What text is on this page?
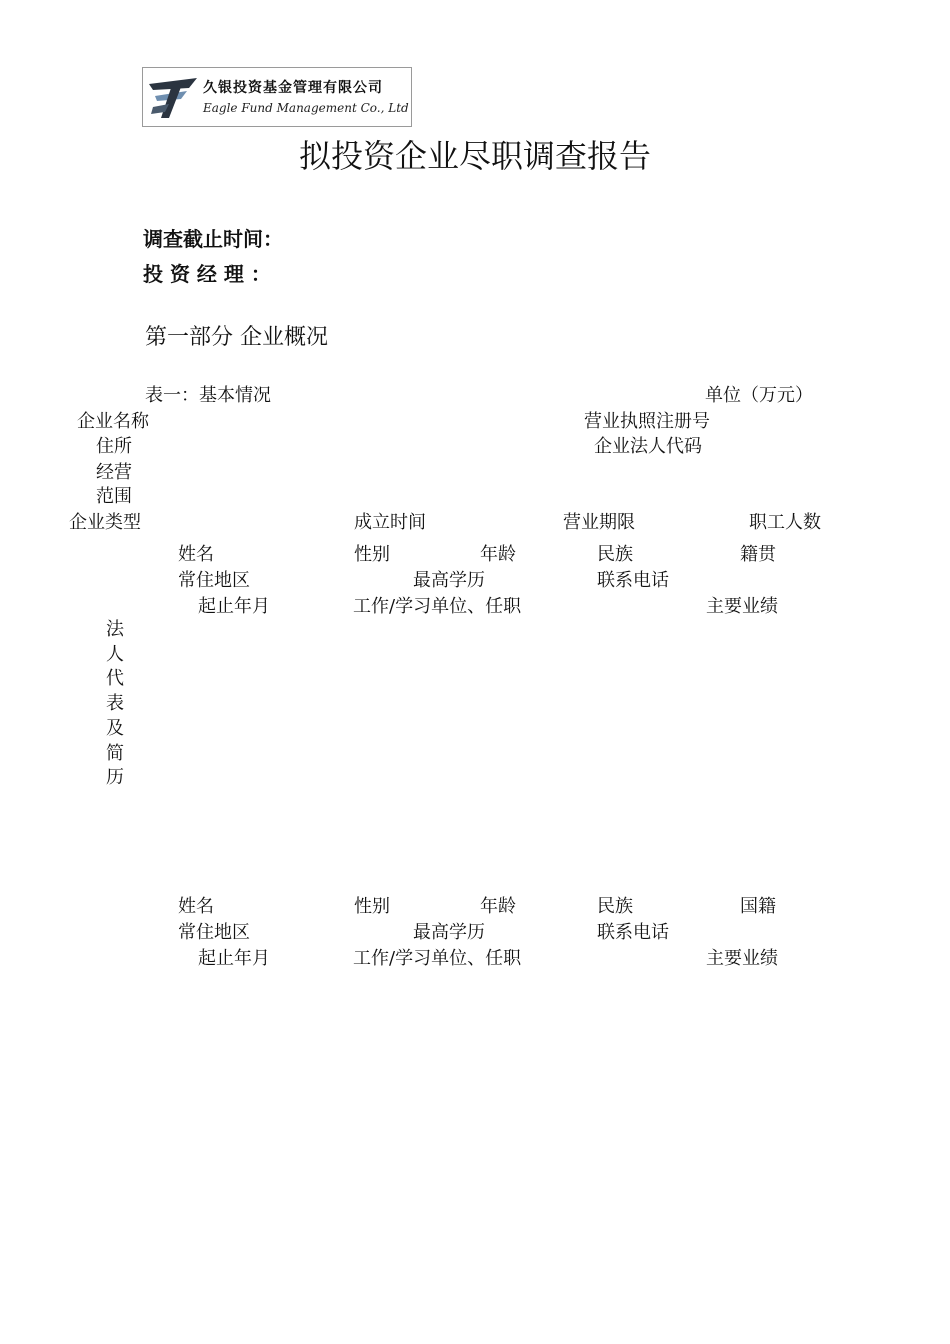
久银投资基金管理有限公司
Eagle Fund Management Co., Ltd
拟投资企业尽职调查报告
调查截止时间：
投 资 经 理 ：
第一部分 企业概况
表一：基本情况	单位（万元）
企业名称	营业执照注册号
住所	企业法人代码
经营
范围
企业类型	成立时间	营业期限	职工人数
姓名	性别	年龄	民族	籍贯
常住地区	最高学历	联系电话
起止年月	工作/学习单位、任职	主要业绩
法
人
代
表
及
简
历
姓名	性别	年龄	民族	国籍
常住地区	最高学历	联系电话
起止年月	工作/学习单位、任职	主要业绩
